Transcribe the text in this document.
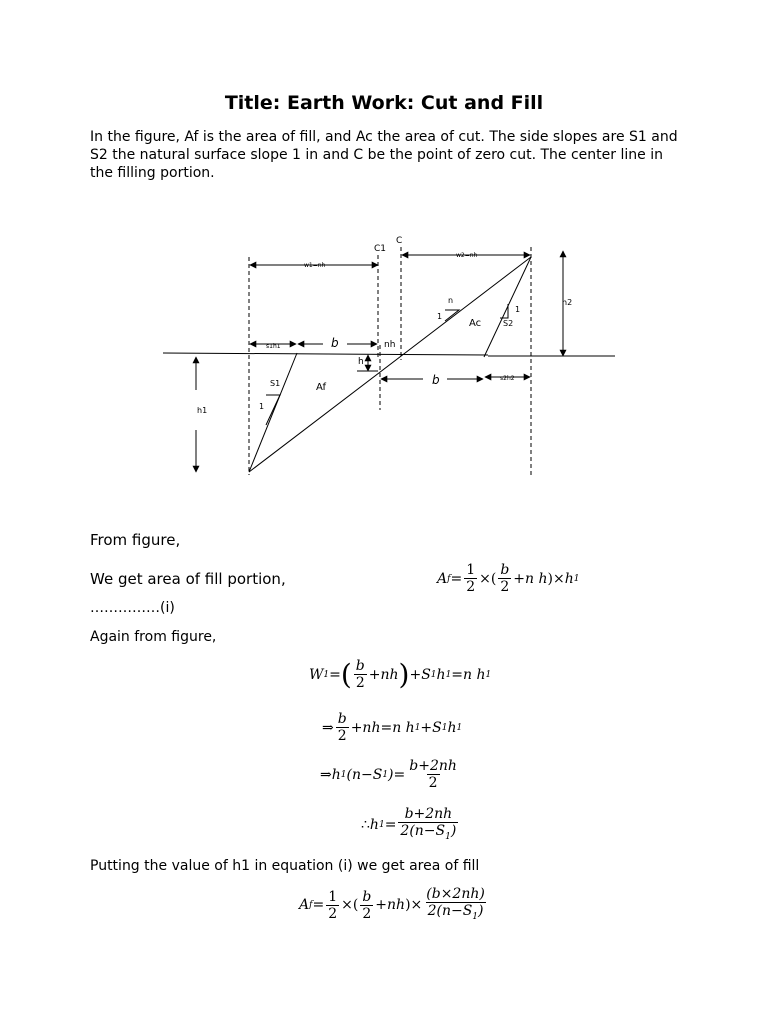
Title: Earth Work: Cut and Fill

In the figure, Af is the area of fill, and Ac the area of cut. The side slopes are S1 and S2 the natural surface slope 1 in and C be the point of zero cut. The center line in the filling portion.

C1
C
w1=nh
w2=nh
h2
s1h1	b	nh
h
b	s2h2
n
1
1
Ac	S2
S1	Af
1
h1

From figure,

We get area of fill portion,

……………(i)

Again from figure,

Putting the value of h1 in equation (i) we get area of fill

A $f = \frac{1}{2}$ × ( $\frac{b}{2} +n$ h ) × h 1
W 1 = ( $\frac{b}{2} +nh$ ) +S 1 h 1 =n h 1
⇒ $\frac{b}{2} +nh=n$ h 1 +S 1 h 1
⇒ h 1 (n−S 1 )= $\frac{b+2nh}{2}$
∴ h $1 = \frac{b+2nh}{2(n-S_1)}$
A $f = \frac{1}{2}$ × ( $\frac{b}{2} +nh$ ) × $\frac{(b\times 2nh)}{2(n-S_1)}$
